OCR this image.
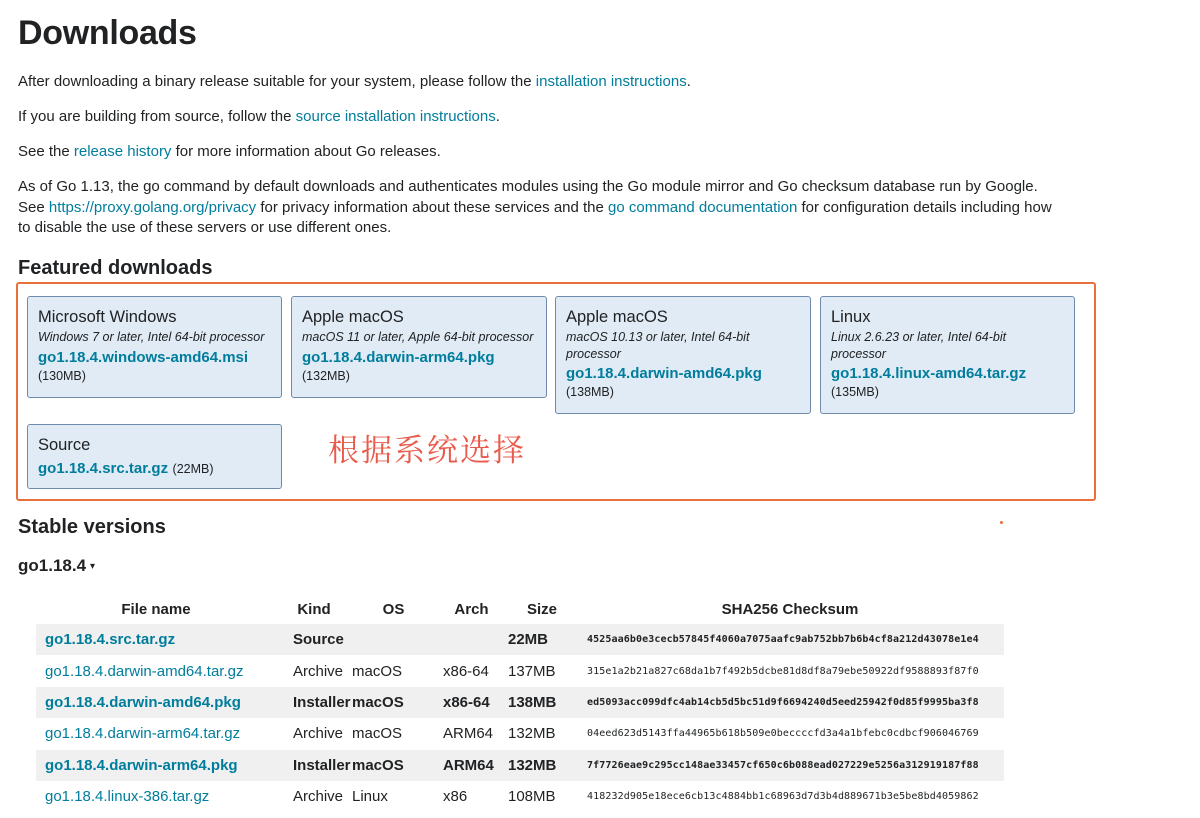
Downloads

After downloading a binary release suitable for your system, please follow the installation instructions.

If you are building from source, follow the source installation instructions.

See the release history for more information about Go releases.

As of Go 1.13, the go command by default downloads and authenticates modules using the Go module mirror and Go checksum database run by Google. See https://proxy.golang.org/privacy for privacy information about these services and the go command documentation for configuration details including how to disable the use of these servers or use different ones.

Featured downloads
Microsoft Windows
Windows 7 or later, Intel 64-bit processor
go1.18.4.windows-amd64.msi
(130MB)
Apple macOS
macOS 11 or later, Apple 64-bit processor
go1.18.4.darwin-arm64.pkg
(132MB)
Apple macOS
macOS 10.13 or later, Intel 64-bit processor
go1.18.4.darwin-amd64.pkg
(138MB)
Linux
Linux 2.6.23 or later, Intel 64-bit processor
go1.18.4.linux-amd64.tar.gz
(135MB)
Source
go1.18.4.src.tar.gz (22MB)	根据系统选择
Stable versions
go1.18.4 ▾
File name	Kind	OS	Arch	Size	SHA256 Checksum
go1.18.4.src.tar.gz	Source			22MB	4525aa6b0e3cecb57845f4060a7075aafc9ab752bb7b6b4cf8a212d43078e1e4
go1.18.4.darwin-amd64.tar.gz	Archive	macOS	x86-64	137MB	315e1a2b21a827c68da1b7f492b5dcbe81d8df8a79ebe50922df9588893f87f0
go1.18.4.darwin-amd64.pkg	Installer	macOS	x86-64	138MB	ed5093acc099dfc4ab14cb5d5bc51d9f6694240d5eed25942f0d85f9995ba3f8
go1.18.4.darwin-arm64.tar.gz	Archive	macOS	ARM64	132MB	04eed623d5143ffa44965b618b509e0beccccfd3a4a1bfebc0cdbcf906046769
go1.18.4.darwin-arm64.pkg	Installer	macOS	ARM64	132MB	7f7726eae9c295cc148ae33457cf650c6b088ead027229e5256a312919187f88
go1.18.4.linux-386.tar.gz	Archive	Linux	x86	108MB	418232d905e18ece6cb13c4884bb1c68963d7d3b4d889671b3e5be8bd4059862
